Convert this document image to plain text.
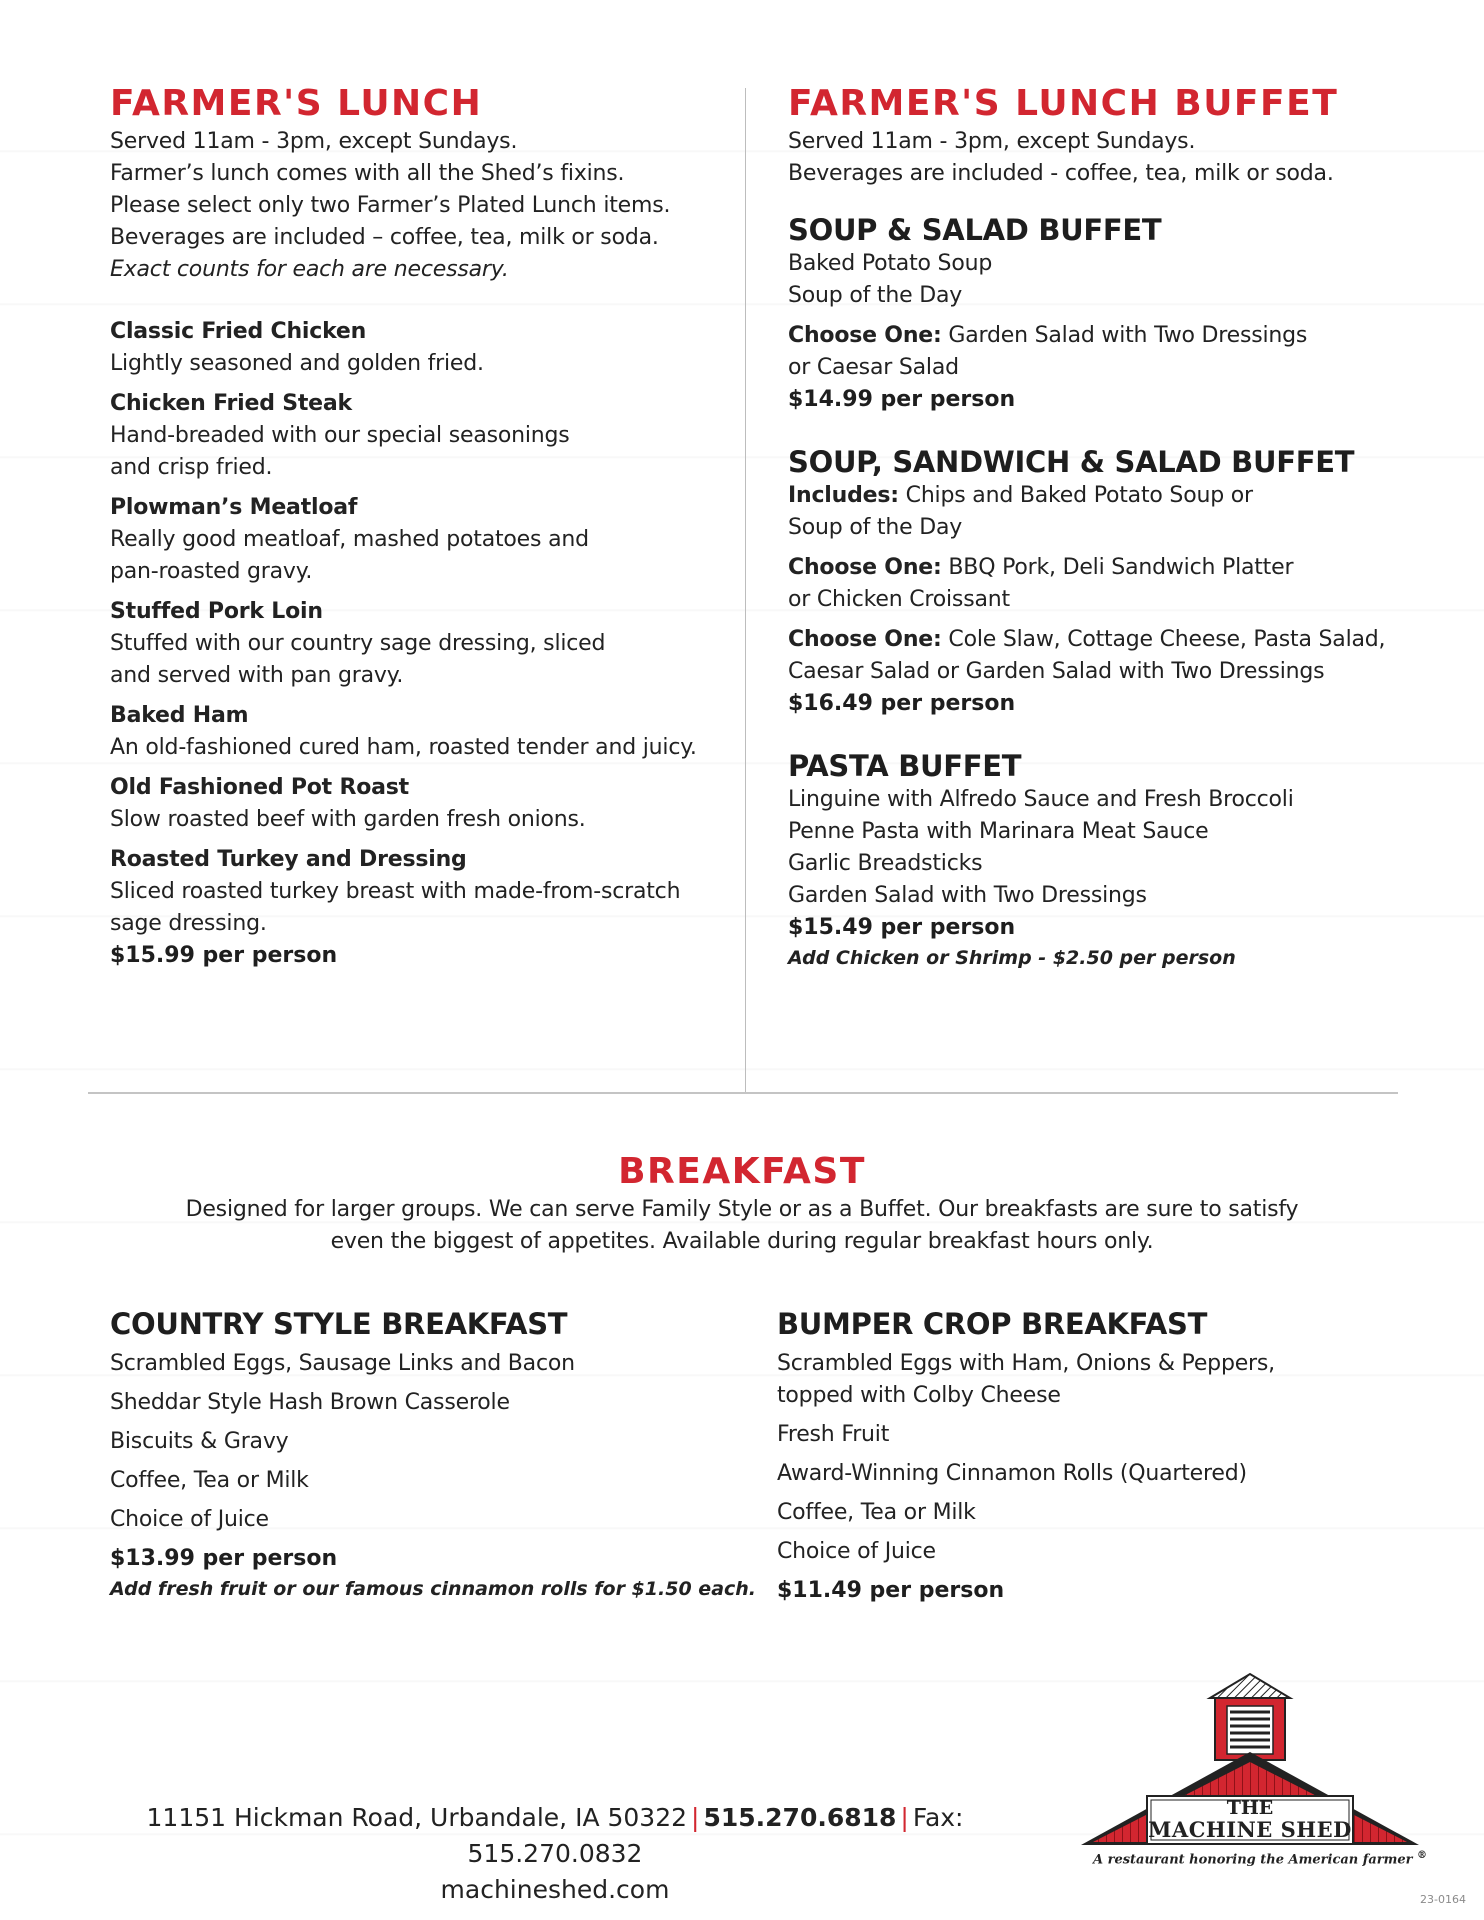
FARMER'S LUNCH

Served 11am - 3pm, except Sundays.

Farmer’s lunch comes with all the Shed’s fixins.

Please select only two Farmer’s Plated Lunch items.

Beverages are included – coffee, tea, milk or soda.

Exact counts for each are necessary.

Classic Fried Chicken

Lightly seasoned and golden fried.

Chicken Fried Steak

Hand-breaded with our special seasonings

and crisp fried.

Plowman’s Meatloaf

Really good meatloaf, mashed potatoes and

pan-roasted gravy.

Stuffed Pork Loin

Stuffed with our country sage dressing, sliced

and served with pan gravy.

Baked Ham

An old-fashioned cured ham, roasted tender and juicy.

Old Fashioned Pot Roast

Slow roasted beef with garden fresh onions.

Roasted Turkey and Dressing

Sliced roasted turkey breast with made-from-scratch

sage dressing.

$15.99 per person

FARMER'S LUNCH BUFFET

Served 11am - 3pm, except Sundays.

Beverages are included - coffee, tea, milk or soda.

SOUP & SALAD BUFFET

Baked Potato Soup

Soup of the Day

Choose One: Garden Salad with Two Dressings

or Caesar Salad

$14.99 per person

SOUP, SANDWICH & SALAD BUFFET

Includes: Chips and Baked Potato Soup or

Soup of the Day

Choose One: BBQ Pork, Deli Sandwich Platter

or Chicken Croissant

Choose One: Cole Slaw, Cottage Cheese, Pasta Salad,

Caesar Salad or Garden Salad with Two Dressings

$16.49 per person

PASTA BUFFET

Linguine with Alfredo Sauce and Fresh Broccoli

Penne Pasta with Marinara Meat Sauce

Garlic Breadsticks

Garden Salad with Two Dressings

$15.49 per person

Add Chicken or Shrimp - $2.50 per person

BREAKFAST

Designed for larger groups. We can serve Family Style or as a Buffet. Our breakfasts are sure to satisfy

even the biggest of appetites. Available during regular breakfast hours only.

COUNTRY STYLE BREAKFAST

Scrambled Eggs, Sausage Links and Bacon

Sheddar Style Hash Brown Casserole

Biscuits & Gravy

Coffee, Tea or Milk

Choice of Juice

$13.99 per person

Add fresh fruit or our famous cinnamon rolls for $1.50 each.

BUMPER CROP BREAKFAST

Scrambled Eggs with Ham, Onions & Peppers,

topped with Colby Cheese

Fresh Fruit

Award-Winning Cinnamon Rolls (Quartered)

Coffee, Tea or Milk

Choice of Juice

$11.49 per person

11151 Hickman Road, Urbandale, IA 50322 | 515.270.6818 | Fax: 515.270.0832
machineshed.com	23-0164
THE
MACHINE SHED
A restaurant honoring the American farmer ®
